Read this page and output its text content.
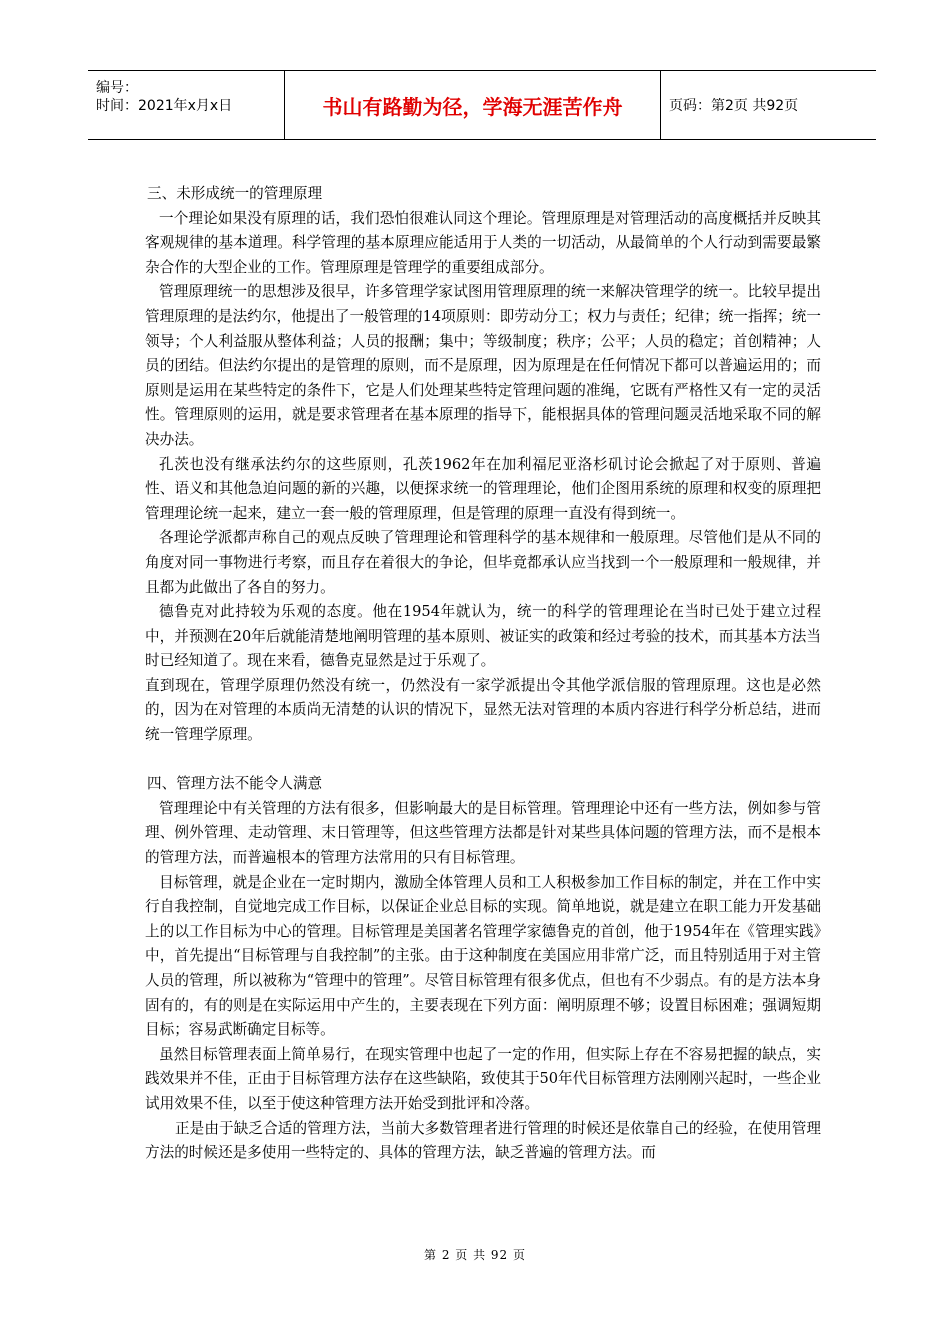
编号：
时间：2021年x月x日	书山有路勤为径，学海无涯苦作舟	页码：第2页 共92页

三、未形成统一的管理原理

一个理论如果没有原理的话，我们恐怕很难认同这个理论。管理原理是对管理活动的高度概括并反映其客观规律的基本道理。科学管理的基本原理应能适用于人类的一切活动，从最简单的个人行动到需要最繁杂合作的大型企业的工作。管理原理是管理学的重要组成部分。

管理原理统一的思想涉及很早，许多管理学家试图用管理原理的统一来解决管理学的统一。比较早提出管理原理的是法约尔，他提出了一般管理的14项原则：即劳动分工；权力与责任；纪律；统一指挥；统一领导；个人利益服从整体利益；人员的报酬；集中；等级制度；秩序；公平；人员的稳定；首创精神；人员的团结。但法约尔提出的是管理的原则，而不是原理，因为原理是在任何情况下都可以普遍运用的；而原则是运用在某些特定的条件下，它是人们处理某些特定管理问题的准绳，它既有严格性又有一定的灵活性。管理原则的运用，就是要求管理者在基本原理的指导下，能根据具体的管理问题灵活地采取不同的解决办法。

孔茨也没有继承法约尔的这些原则，孔茨1962年在加利福尼亚洛杉矶讨论会掀起了对于原则、普遍性、语义和其他急迫问题的新的兴趣，以便探求统一的管理理论，他们企图用系统的原理和权变的原理把管理理论统一起来，建立一套一般的管理原理，但是管理的原理一直没有得到统一。

各理论学派都声称自己的观点反映了管理理论和管理科学的基本规律和一般原理。尽管他们是从不同的角度对同一事物进行考察，而且存在着很大的争论，但毕竟都承认应当找到一个一般原理和一般规律，并且都为此做出了各自的努力。

德鲁克对此持较为乐观的态度。他在1954年就认为，统一的科学的管理理论在当时已处于建立过程中，并预测在20年后就能清楚地阐明管理的基本原则、被证实的政策和经过考验的技术，而其基本方法当时已经知道了。现在来看，德鲁克显然是过于乐观了。

直到现在，管理学原理仍然没有统一，仍然没有一家学派提出令其他学派信服的管理原理。这也是必然的，因为在对管理的本质尚无清楚的认识的情况下，显然无法对管理的本质内容进行科学分析总结，进而统一管理学原理。

四、管理方法不能令人满意

管理理论中有关管理的方法有很多，但影响最大的是目标管理。管理理论中还有一些方法，例如参与管理、例外管理、走动管理、末日管理等，但这些管理方法都是针对某些具体问题的管理方法，而不是根本的管理方法，而普遍根本的管理方法常用的只有目标管理。

目标管理，就是企业在一定时期内，激励全体管理人员和工人积极参加工作目标的制定，并在工作中实行自我控制，自觉地完成工作目标，以保证企业总目标的实现。简单地说，就是建立在职工能力开发基础上的以工作目标为中心的管理。目标管理是美国著名管理学家德鲁克的首创，他于1954年在《管理实践》中，首先提出“目标管理与自我控制”的主张。由于这种制度在美国应用非常广泛，而且特别适用于对主管人员的管理，所以被称为“管理中的管理”。尽管目标管理有很多优点，但也有不少弱点。有的是方法本身固有的，有的则是在实际运用中产生的，主要表现在下列方面：阐明原理不够；设置目标困难；强调短期目标；容易武断确定目标等。

虽然目标管理表面上简单易行，在现实管理中也起了一定的作用，但实际上存在不容易把握的缺点，实践效果并不佳，正由于目标管理方法存在这些缺陷，致使其于50年代目标管理方法刚刚兴起时，一些企业试用效果不佳，以至于使这种管理方法开始受到批评和冷落。

正是由于缺乏合适的管理方法，当前大多数管理者进行管理的时候还是依靠自己的经验，在使用管理方法的时候还是多使用一些特定的、具体的管理方法，缺乏普遍的管理方法。而

第 2 页 共 92 页
